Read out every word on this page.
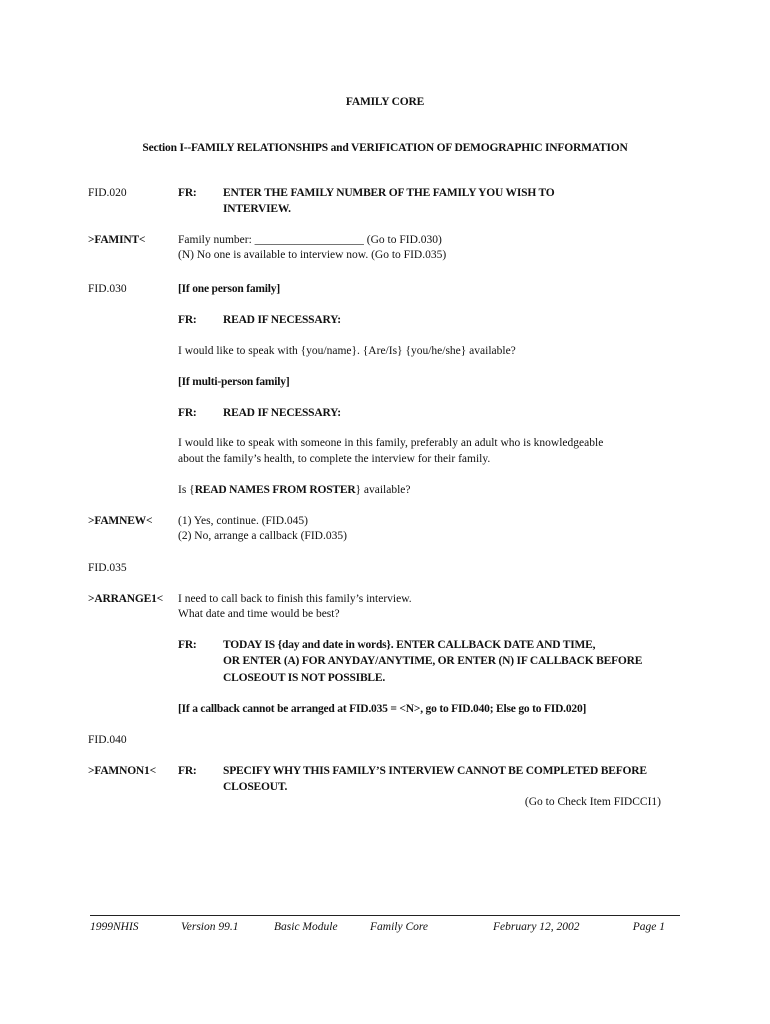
FAMILY CORE
Section I--FAMILY RELATIONSHIPS and VERIFICATION OF DEMOGRAPHIC INFORMATION
FID.020	FR: ENTER THE FAMILY NUMBER OF THE FAMILY YOU WISH TO
INTERVIEW.
>FAMINT<	Family number: ___________________ (Go to FID.030)
(N) No one is available to interview now. (Go to FID.035)
FID.030	[If one person family]
FR: READ IF NECESSARY:
I would like to speak with {you/name}. {Are/Is} {you/he/she} available?
[If multi-person family]
FR: READ IF NECESSARY:
I would like to speak with someone in this family, preferably an adult who is knowledgeable
about the family’s health, to complete the interview for their family.
Is {READ NAMES FROM ROSTER} available?
>FAMNEW< (1) Yes, continue. (FID.045)
(2) No, arrange a callback (FID.035)
FID.035
>ARRANGE1< I need to call back to finish this family’s interview.
What date and time would be best?
FR: TODAY IS {day and date in words}. ENTER CALLBACK DATE AND TIME,
OR ENTER (A) FOR ANYDAY/ANYTIME, OR ENTER (N) IF CALLBACK BEFORE
CLOSEOUT IS NOT POSSIBLE.
[If a callback cannot be arranged at FID.035 = <N>, go to FID.040; Else go to FID.020]
FID.040
>FAMNON1< FR: SPECIFY WHY THIS FAMILY’S INTERVIEW CANNOT BE COMPLETED BEFORE
CLOSEOUT.
(Go to Check Item FIDCCI1)
1999NHIS	Version 99.1	Basic Module	Family Core	February 12, 2002	Page 1
